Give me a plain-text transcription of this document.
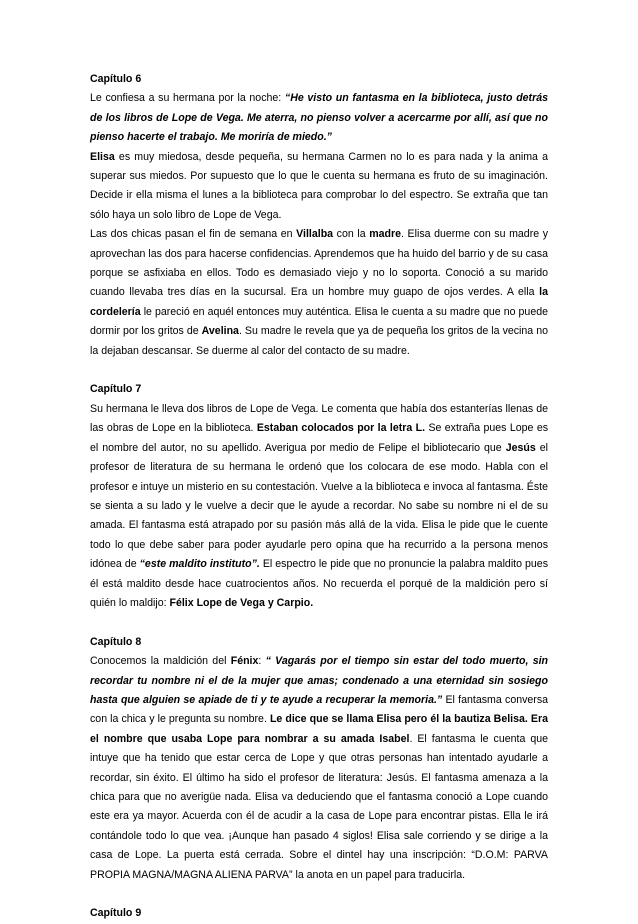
Capítulo 6

Le confiesa a su hermana por la noche: “He visto un fantasma en la biblioteca, justo detrás de los libros de Lope de Vega. Me aterra, no pienso volver a acercarme por allí, así que no pienso hacerte el trabajo. Me moriría de miedo.”

Elisa es muy miedosa, desde pequeña, su hermana Carmen no lo es para nada y la anima a superar sus miedos. Por supuesto que lo que le cuenta su hermana es fruto de su imaginación. Decide ir ella misma el lunes a la biblioteca para comprobar lo del espectro. Se extraña que tan sólo haya un solo libro de Lope de Vega.

Las dos chicas pasan el fin de semana en Villalba con la madre. Elisa duerme con su madre y aprovechan las dos para hacerse confidencias. Aprendemos que ha huido del barrio y de su casa porque se asfixiaba en ellos. Todo es demasiado viejo y no lo soporta. Conoció a su marido cuando llevaba tres días en la sucursal. Era un hombre muy guapo de ojos verdes. A ella la cordelería le pareció en aquél entonces muy auténtica. Elisa le cuenta a su madre que no puede dormir por los gritos de Avelina. Su madre le revela que ya de pequeña los gritos de la vecina no la dejaban descansar. Se duerme al calor del contacto de su madre.

Capítulo 7

Su hermana le lleva dos libros de Lope de Vega. Le comenta que había dos estanterías llenas de las obras de Lope en la biblioteca. Estaban colocados por la letra L. Se extraña pues Lope es el nombre del autor, no su apellido. Averigua por medio de Felipe el bibliotecario que Jesús el profesor de literatura de su hermana le ordenó que los colocara de ese modo. Habla con el profesor e intuye un misterio en su contestación. Vuelve a la biblioteca e invoca al fantasma. Éste se sienta a su lado y le vuelve a decir que le ayude a recordar. No sabe su nombre ni el de su amada. El fantasma está atrapado por su pasión más allá de la vida. Elisa le pide que le cuente todo lo que debe saber para poder ayudarle pero opina que ha recurrido a la persona menos idónea de “este maldito instituto”. El espectro le pide que no pronuncie la palabra maldito pues él está maldito desde hace cuatrocientos años. No recuerda el porqué de la maldición pero sí quién lo maldijo: Félix Lope de Vega y Carpio.

Capítulo 8

Conocemos la maldición del Fénix: “ Vagarás por el tiempo sin estar del todo muerto, sin recordar tu nombre ni el de la mujer que amas; condenado a una eternidad sin sosiego hasta que alguien se apiade de ti y te ayude a recuperar la memoria.” El fantasma conversa con la chica y le pregunta su nombre. Le dice que se llama Elisa pero él la bautiza Belisa. Era el nombre que usaba Lope para nombrar a su amada Isabel. El fantasma le cuenta que intuye que ha tenido que estar cerca de Lope y que otras personas han intentado ayudarle a recordar, sin éxito. El último ha sido el profesor de literatura: Jesús. El fantasma amenaza a la chica para que no averigüe nada. Elisa va deduciendo que el fantasma conoció a Lope cuando este era ya mayor. Acuerda con él de acudir a la casa de Lope para encontrar pistas. Ella le irá contándole todo lo que vea. ¡Aunque han pasado 4 siglos! Elisa sale corriendo y se dirige a la casa de Lope. La puerta está cerrada. Sobre el dintel hay una inscripción: “D.O.M: PARVA PROPIA MAGNA/MAGNA ALIENA PARVA” la anota en un papel para traducirla.

Capítulo 9
